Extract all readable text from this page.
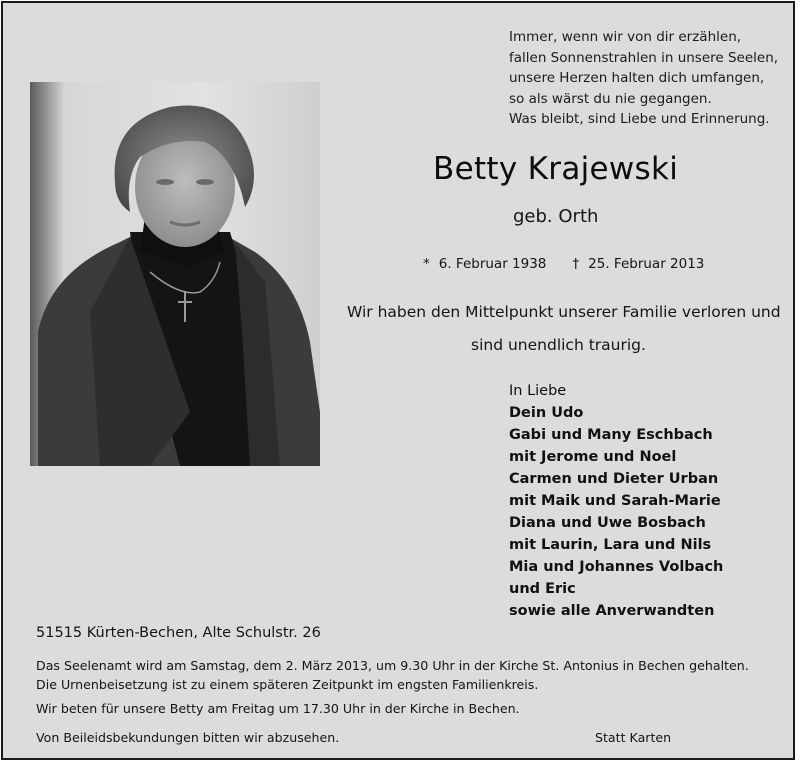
Immer, wenn wir von dir erzählen,
fallen Sonnenstrahlen in unsere Seelen,
unsere Herzen halten dich umfangen,
so als wärst du nie gegangen.
Was bleibt, sind Liebe und Erinnerung.
Betty Krajewski
geb. Orth
* 6. Februar 1938 † 25. Februar 2013
Wir haben den Mittelpunkt unserer Familie verloren und
sind unendlich traurig.
In Liebe
Dein Udo
Gabi und Many Eschbach
mit Jerome und Noel
Carmen und Dieter Urban
mit Maik und Sarah-Marie
Diana und Uwe Bosbach
mit Laurin, Lara und Nils
Mia und Johannes Volbach
und Eric
sowie alle Anverwandten
51515 Kürten-Bechen, Alte Schulstr. 26
Das Seelenamt wird am Samstag, dem 2. März 2013, um 9.30 Uhr in der Kirche St. Antonius in Bechen gehalten.
Die Urnenbeisetzung ist zu einem späteren Zeitpunkt im engsten Familienkreis.
Wir beten für unsere Betty am Freitag um 17.30 Uhr in der Kirche in Bechen.
Von Beileidsbekundungen bitten wir abzusehen.	Statt Karten
